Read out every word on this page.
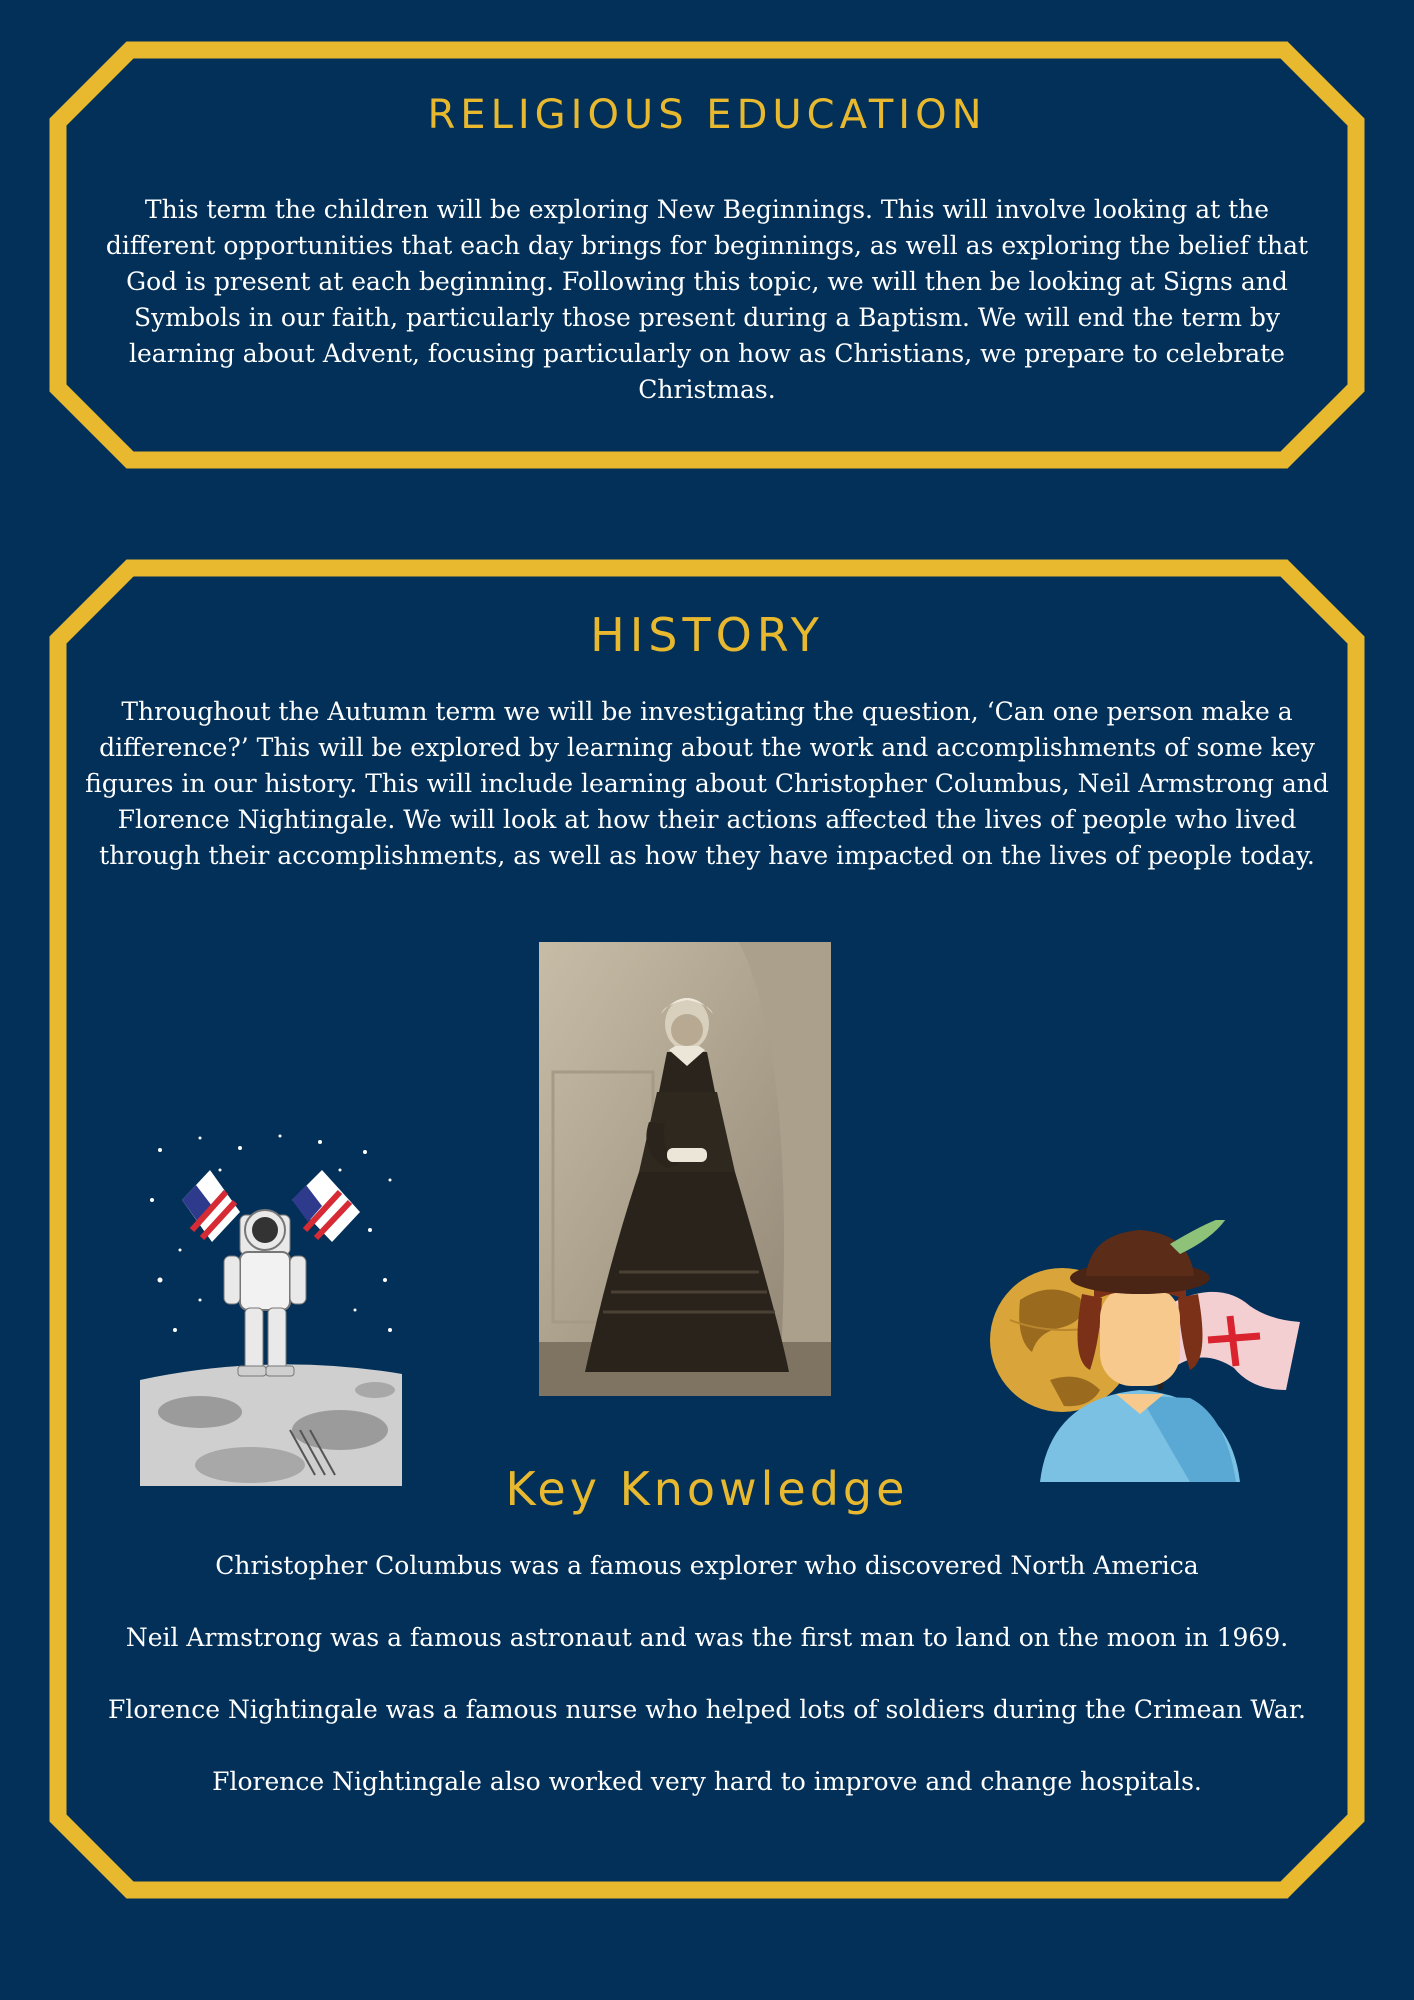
RELIGIOUS EDUCATION
This term the children will be exploring New Beginnings. This will involve looking at the different opportunities that each day brings for beginnings, as well as exploring the belief that God is present at each beginning. Following this topic, we will then be looking at Signs and Symbols in our faith, particularly those present during a Baptism. We will end the term by learning about Advent, focusing particularly on how as Christians, we prepare to celebrate Christmas.
HISTORY
Throughout the Autumn term we will be investigating the question, ‘Can one person make a difference?’ This will be explored by learning about the work and accomplishments of some key figures in our history. This will include learning about Christopher Columbus, Neil Armstrong and Florence Nightingale. We will look at how their actions affected the lives of people who lived through their accomplishments, as well as how they have impacted on the lives of people today.
Key Knowledge
Christopher Columbus was a famous explorer who discovered North America
Neil Armstrong was a famous astronaut and was the first man to land on the moon in 1969.
Florence Nightingale was a famous nurse who helped lots of soldiers during the Crimean War.
Florence Nightingale also worked very hard to improve and change hospitals.
